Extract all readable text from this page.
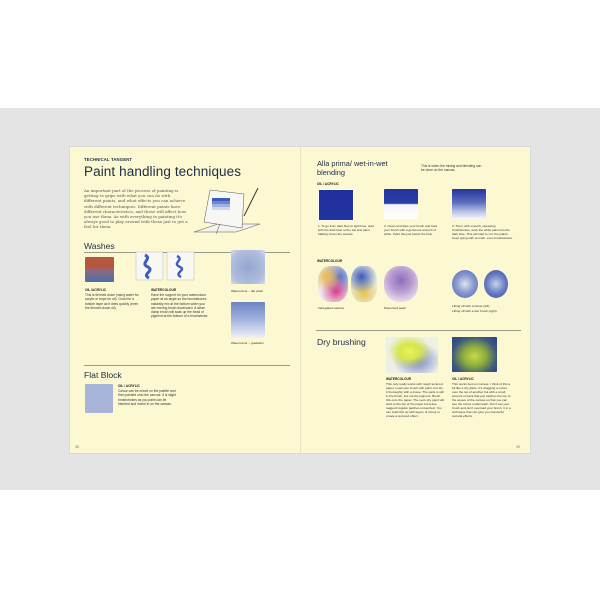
TECHNICAL TANGENT
Paint handling techniques
An important part of the process of painting is getting to grips with what you can do with different paints, and what effects you can achieve with different techniques. Different paints have different characteristics, and these will affect how you use them. As with everything in painting it's always good to play around with these just to get a feel for them.
Washes
OIL /ACRYLIC
This is thinned down (using water for acrylic or turps for oil). Good for a bottom layer as it dries quickly (even the thinned-down oil).
WATERCOLOUR
Have the support for your watercolour paper at an angle so the brushstrokes naturally mix at the bottom when you are moving brush downward. A clean damp brush will soak up the bead of pigment at the bottom of a brushstroke.
Watercolour – flat wash
Watercolour – gradation
Flat Block
OIL / ACRYLIC
Colour can be mixed on the palette and then painted onto the canvas. It is slight brushstrokes as you paint can be blended and mixed in on the canvas.
38
Alla prima/ wet-in-wet blending
This is when the mixing and blending can be done on the canvas.
OIL / ACRYLIC
1. To go from dark blue to light blue, start with the dark blue at the top and paint halfway down the canvas.
2. Clean and wipe your brush and load your brush with a generous amount of white. Paint this just below the blue.
3. Then, with smooth, sweeping brushstrokes, work the white paint into the dark blue. This will start to mix the paints. Keep going with smooth, even brushstrokes.
WATERCOLOUR
Variegated washes	Dispersed wash	Lifting off with a tissue (left)
Lifting off with a wet brush (right)
Dry brushing
WATERCOLOUR
This only really works with rough textured paper. Load your brush with paint, but dry it thoroughly with a tissue. The paint is still in the brush, but not the pigment. Brush this onto the paper. The semi-dry paint will stick to the top of the paper but leave ragged irregular patches untouched. You can build this up with layers of colour to create a textured effect.
OIL / ACRYLIC
This works best on canvas. I think of this a bit like a dry glaze. It's dragging a colour over the top of another but with a small amount of paint that just catches the top of the weave of the canvas so that you can see the colour underneath. Don't wet your brush and don't overload your brush. It is a technique that can give you wonderful textural effects.
39
